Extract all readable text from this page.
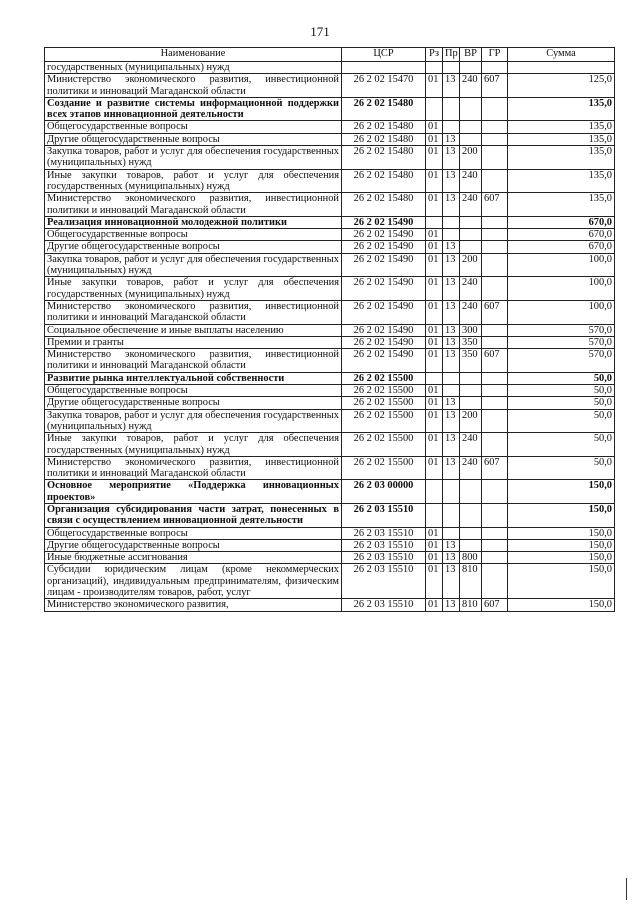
171
Наименование	ЦСР	Рз	Пр	ВР	ГР	Сумма
государственных (муниципальных) нужд						
Министерство экономического развития, инвестиционной политики и инноваций Магаданской области	26 2 02 15470	01	13	240	607	125,0
Создание и развитие системы информационной поддержки всех этапов инновационной деятельности	26 2 02 15480					135,0
Общегосударственные вопросы	26 2 02 15480	01				135,0
Другие общегосударственные вопросы	26 2 02 15480	01	13			135,0
Закупка товаров, работ и услуг для обеспечения государственных (муниципальных) нужд	26 2 02 15480	01	13	200		135,0
Иные закупки товаров, работ и услуг для обеспечения государственных (муниципальных) нужд	26 2 02 15480	01	13	240		135,0
Министерство экономического развития, инвестиционной политики и инноваций Магаданской области	26 2 02 15480	01	13	240	607	135,0
Реализация инновационной молодежной политики	26 2 02 15490					670,0
Общегосударственные вопросы	26 2 02 15490	01				670,0
Другие общегосударственные вопросы	26 2 02 15490	01	13			670,0
Закупка товаров, работ и услуг для обеспечения государственных (муниципальных) нужд	26 2 02 15490	01	13	200		100,0
Иные закупки товаров, работ и услуг для обеспечения государственных (муниципальных) нужд	26 2 02 15490	01	13	240		100,0
Министерство экономического развития, инвестиционной политики и инноваций Магаданской области	26 2 02 15490	01	13	240	607	100,0
Социальное обеспечение и иные выплаты населению	26 2 02 15490	01	13	300		570,0
Премии и гранты	26 2 02 15490	01	13	350		570,0
Министерство экономического развития, инвестиционной политики и инноваций Магаданской области	26 2 02 15490	01	13	350	607	570,0
Развитие рынка интеллектуальной собственности	26 2 02 15500					50,0
Общегосударственные вопросы	26 2 02 15500	01				50,0
Другие общегосударственные вопросы	26 2 02 15500	01	13			50,0
Закупка товаров, работ и услуг для обеспечения государственных (муниципальных) нужд	26 2 02 15500	01	13	200		50,0
Иные закупки товаров, работ и услуг для обеспечения государственных (муниципальных) нужд	26 2 02 15500	01	13	240		50,0
Министерство экономического развития, инвестиционной политики и инноваций Магаданской области	26 2 02 15500	01	13	240	607	50,0
Основное мероприятие «Поддержка инновационных проектов»	26 2 03 00000					150,0
Организация субсидирования части затрат, понесенных в связи с осуществлением инновационной деятельности	26 2 03 15510					150,0
Общегосударственные вопросы	26 2 03 15510	01				150,0
Другие общегосударственные вопросы	26 2 03 15510	01	13			150,0
Иные бюджетные ассигнования	26 2 03 15510	01	13	800		150,0
Субсидии юридическим лицам (кроме некоммерческих организаций), индивидуальным предпринимателям, физическим лицам - производителям товаров, работ, услуг	26 2 03 15510	01	13	810		150,0
Министерство экономического развития,	26 2 03 15510	01	13	810	607	150,0
